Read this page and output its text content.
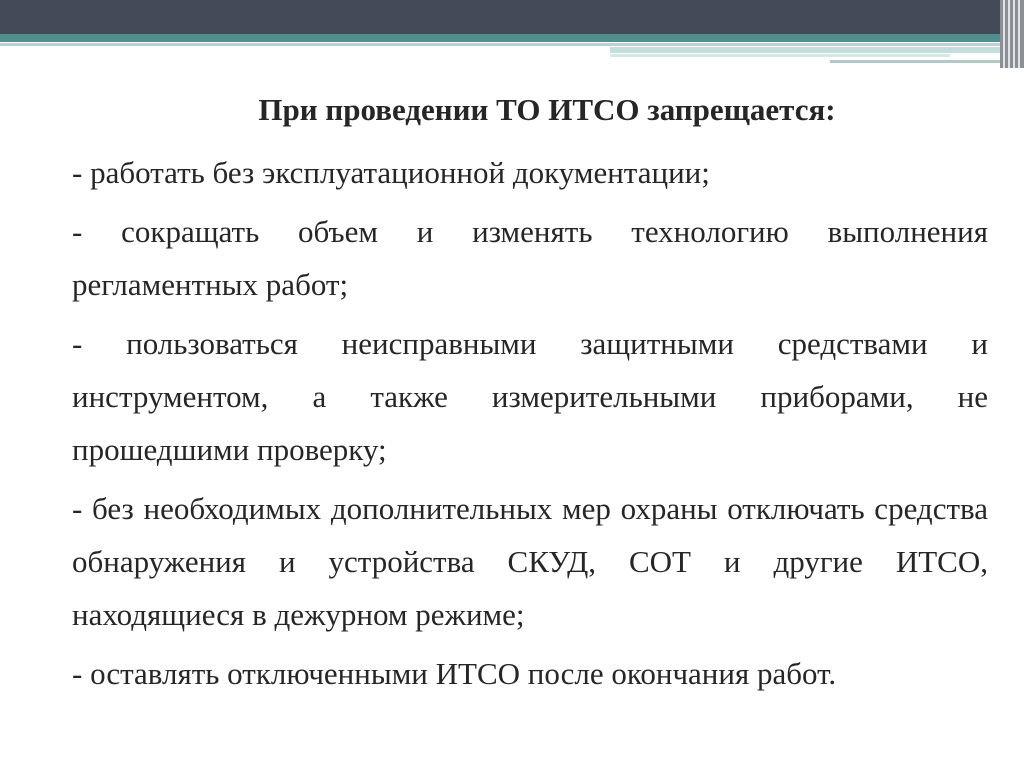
При проведении ТО ИТСО запрещается:
- работать без эксплуатационной документации;
- сокращать объем и изменять технологию выполнения регламентных работ;
- пользоваться неисправными защитными средствами и инструментом, а также измерительными приборами, не прошедшими проверку;
- без необходимых дополнительных мер охраны отключать средства обнаружения и устройства СКУД, СОТ и другие ИТСО, находящиеся в дежурном режиме;
- оставлять отключенными ИТСО после окончания работ.
